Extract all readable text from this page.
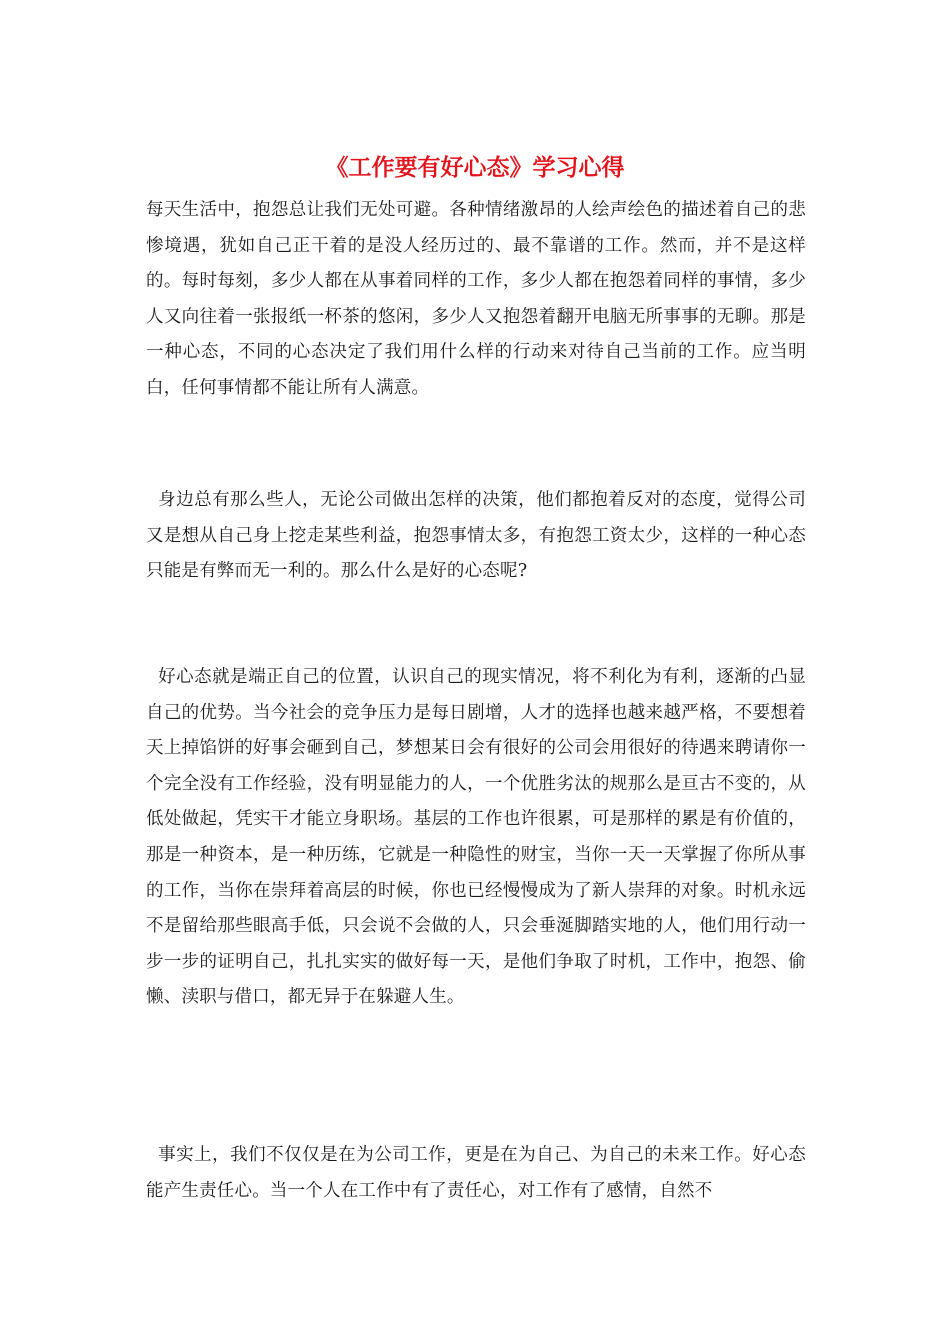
《工作要有好心态》学习心得

每天生活中，抱怨总让我们无处可避。各种情绪激昂的人绘声绘色的描述着自己的悲惨境遇，犹如自己正干着的是没人经历过的、最不靠谱的工作。然而，并不是这样的。每时每刻，多少人都在从事着同样的工作，多少人都在抱怨着同样的事情，多少人又向往着一张报纸一杯茶的悠闲，多少人又抱怨着翻开电脑无所事事的无聊。那是一种心态，不同的心态决定了我们用什么样的行动来对待自己当前的工作。应当明白，任何事情都不能让所有人满意。

身边总有那么些人，无论公司做出怎样的决策，他们都抱着反对的态度，觉得公司又是想从自己身上挖走某些利益，抱怨事情太多，有抱怨工资太少，这样的一种心态只能是有弊而无一利的。那么什么是好的心态呢?

好心态就是端正自己的位置，认识自己的现实情况，将不利化为有利，逐渐的凸显自己的优势。当今社会的竞争压力是每日剧增，人才的选择也越来越严格，不要想着天上掉馅饼的好事会砸到自己，梦想某日会有很好的公司会用很好的待遇来聘请你一个完全没有工作经验，没有明显能力的人，一个优胜劣汰的规那么是亘古不变的，从低处做起，凭实干才能立身职场。基层的工作也许很累，可是那样的累是有价值的，那是一种资本，是一种历练，它就是一种隐性的财宝，当你一天一天掌握了你所从事的工作，当你在崇拜着高层的时候，你也已经慢慢成为了新人崇拜的对象。时机永远不是留给那些眼高手低，只会说不会做的人，只会垂涎脚踏实地的人，他们用行动一步一步的证明自己，扎扎实实的做好每一天，是他们争取了时机，工作中，抱怨、偷懒、渎职与借口，都无异于在躲避人生。

事实上，我们不仅仅是在为公司工作，更是在为自己、为自己的未来工作。好心态能产生责任心。当一个人在工作中有了责任心，对工作有了感情，自然不
